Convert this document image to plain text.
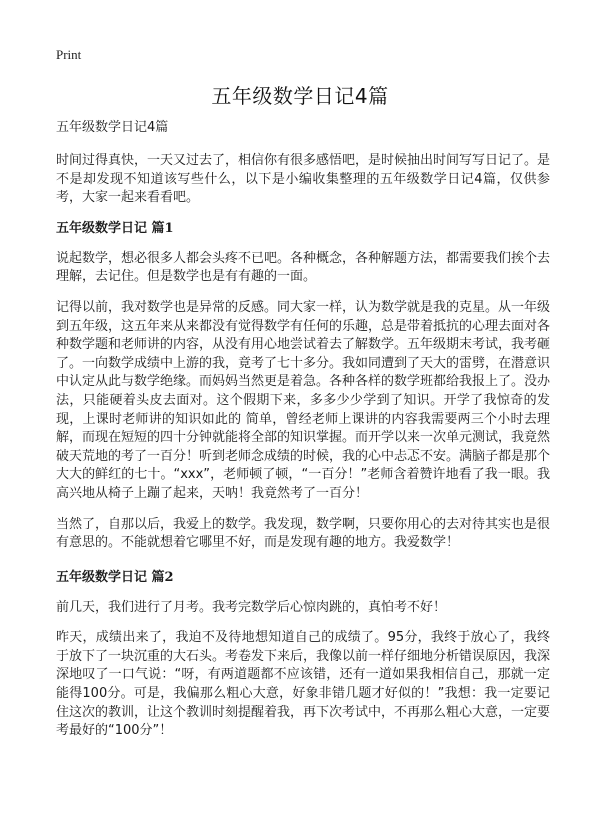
Print
五年级数学日记4篇
五年级数学日记4篇

时间过得真快，一天又过去了，相信你有很多感悟吧，是时候抽出时间写写日记了。是不是却发现不知道该写些什么，以下是小编收集整理的五年级数学日记4篇，仅供参考，大家一起来看看吧。

五年级数学日记 篇1

说起数学，想必很多人都会头疼不已吧。各种概念，各种解题方法，都需要我们挨个去理解，去记住。但是数学也是有有趣的一面。

记得以前，我对数学也是异常的反感。同大家一样，认为数学就是我的克星。从一年级到五年级，这五年来从来都没有觉得数学有任何的乐趣，总是带着抵抗的心理去面对各种数学题和老师讲的内容，从没有用心地尝试着去了解数学。五年级期末考试，我考砸了。一向数学成绩中上游的我，竟考了七十多分。我如同遭到了天大的雷劈，在潜意识中认定从此与数学绝缘。而妈妈当然更是着急。各种各样的数学班都给我报上了。没办法，只能硬着头皮去面对。这个假期下来，多多少少学到了知识。开学了我惊奇的发现，上课时老师讲的知识如此的 简单，曾经老师上课讲的内容我需要两三个小时去理解，而现在短短的四十分钟就能将全部的知识掌握。而开学以来一次单元测试，我竟然破天荒地的考了一百分！听到老师念成绩的时候，我的心中忐忑不安。满脑子都是那个大大的鲜红的七十。“xxx”，老师顿了顿，“一百分！”老师含着赞许地看了我一眼。我高兴地从椅子上蹦了起来，天呐！我竟然考了一百分！

当然了，自那以后，我爱上的数学。我发现，数学啊，只要你用心的去对待其实也是很有意思的。不能就想着它哪里不好，而是发现有趣的地方。我爱数学！

五年级数学日记 篇2

前几天，我们进行了月考。我考完数学后心惊肉跳的，真怕考不好！

昨天，成绩出来了，我迫不及待地想知道自己的成绩了。95分，我终于放心了，我终于放下了一块沉重的大石头。考卷发下来后，我像以前一样仔细地分析错误原因，我深深地叹了一口气说：“呀，有两道题都不应该错，还有一道如果我相信自己，那就一定能得100分。可是，我偏那么粗心大意，好象非错几题才好似的！”我想：我一定要记住这次的教训，让这个教训时刻提醒着我，再下次考试中，不再那么粗心大意，一定要考最好的“100分”！
